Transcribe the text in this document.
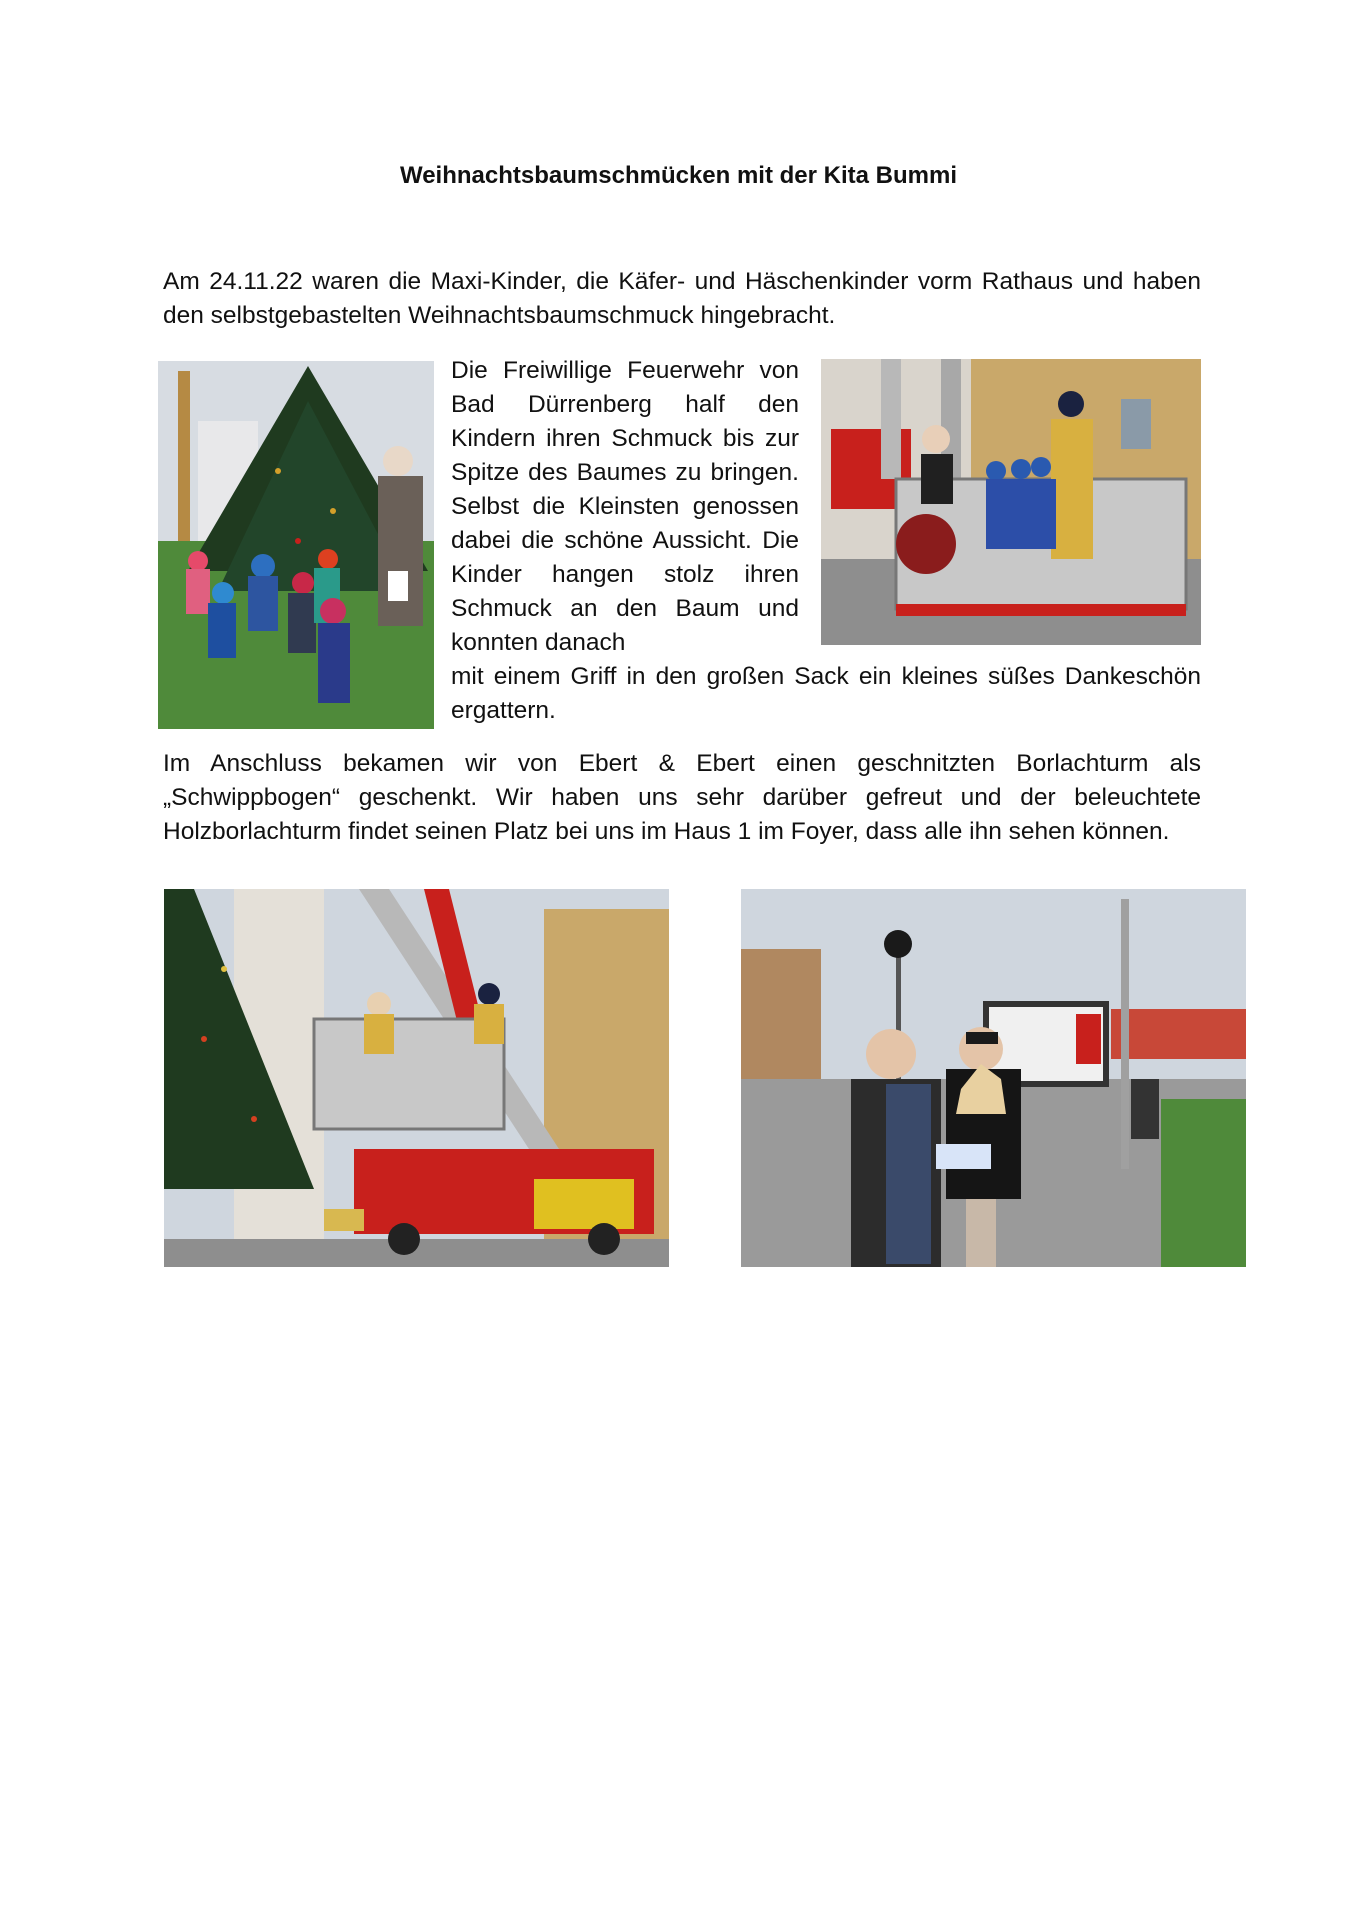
Weihnachtsbaumschmücken mit der Kita Bummi
Am 24.11.22 waren die Maxi-Kinder, die Käfer- und Häschenkinder vorm Rathaus und haben den selbstgebastelten Weihnachtsbaumschmuck hingebracht.
Die Freiwillige Feuerwehr von Bad Dürrenberg half den Kindern ihren Schmuck bis zur Spitze des Baumes zu bringen. Selbst die Kleinsten genossen dabei die schöne Aussicht. Die Kinder hangen stolz ihren Schmuck an den Baum und konnten danach
mit einem Griff in den großen Sack ein kleines süßes Dankeschön ergattern.
Im Anschluss bekamen wir von Ebert & Ebert einen geschnitzten Borlachturm als „Schwippbogen“ geschenkt. Wir haben uns sehr darüber gefreut und der beleuchtete Holzborlachturm findet seinen Platz bei uns im Haus 1 im Foyer, dass alle ihn sehen können.
